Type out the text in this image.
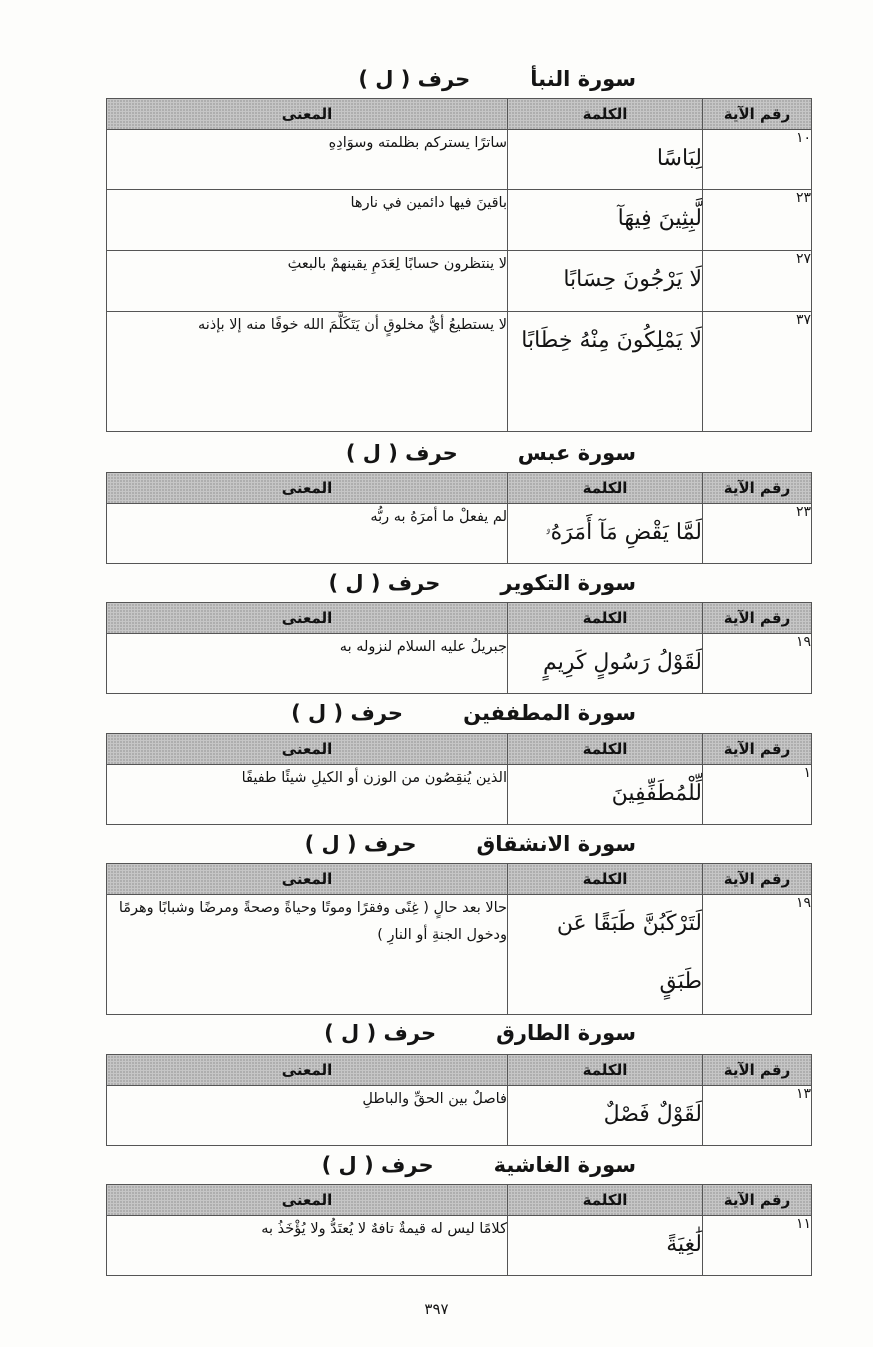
سورة النبأحرف ( ل )
رقم الآية	الكلمة	المعنى
١٠	لِبَاسًا	ساترًا يستركم بظلمته وسوَادِهِ
٢٣	لَّبِثِينَ فِيهَآ	باقينَ فيها دائمين في نارها
٢٧	لَا يَرْجُونَ حِسَابًا	لا ينتظرون حسابًا لِعَدَمِ يقينهمْ بالبعثِ
٣٧	لَا يَمْلِكُونَ مِنْهُ خِطَابًا	لا يستطيعُ أيُّ مخلوقٍ أن يَتَكَلَّمَ الله خوفًا منه إلا بإذنه
سورة عبسحرف ( ل )
رقم الآية	الكلمة	المعنى
٢٣	لَمَّا يَقْضِ مَآ أَمَرَهُۥ	لم يفعلْ ما أمرَهُ به ربُّه
سورة التكويرحرف ( ل )
رقم الآية	الكلمة	المعنى
١٩	لَقَوْلُ رَسُولٍ كَرِيمٍ	جبريلُ عليه السلام لنزوله به
سورة المطففينحرف ( ل )
رقم الآية	الكلمة	المعنى
١	لِّلْمُطَفِّفِينَ	الذين يُنقِصُون من الوزن أو الكيلِ شيئًا طفيفًا
سورة الانشقاقحرف ( ل )
رقم الآية	الكلمة	المعنى
١٩	لَتَرْكَبُنَّ طَبَقًا عَن طَبَقٍ	حالا بعد حالٍ ( غِنًى وفقرًا وموتًا وحياةً وصحةً ومرضًا وشبابًا وهرمًا ودخول الجنةِ أو النارِ )
سورة الطارقحرف ( ل )
رقم الآية	الكلمة	المعنى
١٣	لَقَوْلٌ فَصْلٌ	فاصلٌ بين الحقِّ والباطلِ
سورة الغاشيةحرف ( ل )
رقم الآية	الكلمة	المعنى
١١	لَٰغِيَةً	كلامًا ليس له قيمةٌ تافهٌ لا يُعتَدُّ ولا يُؤْخَذُ به
٣٩٧
